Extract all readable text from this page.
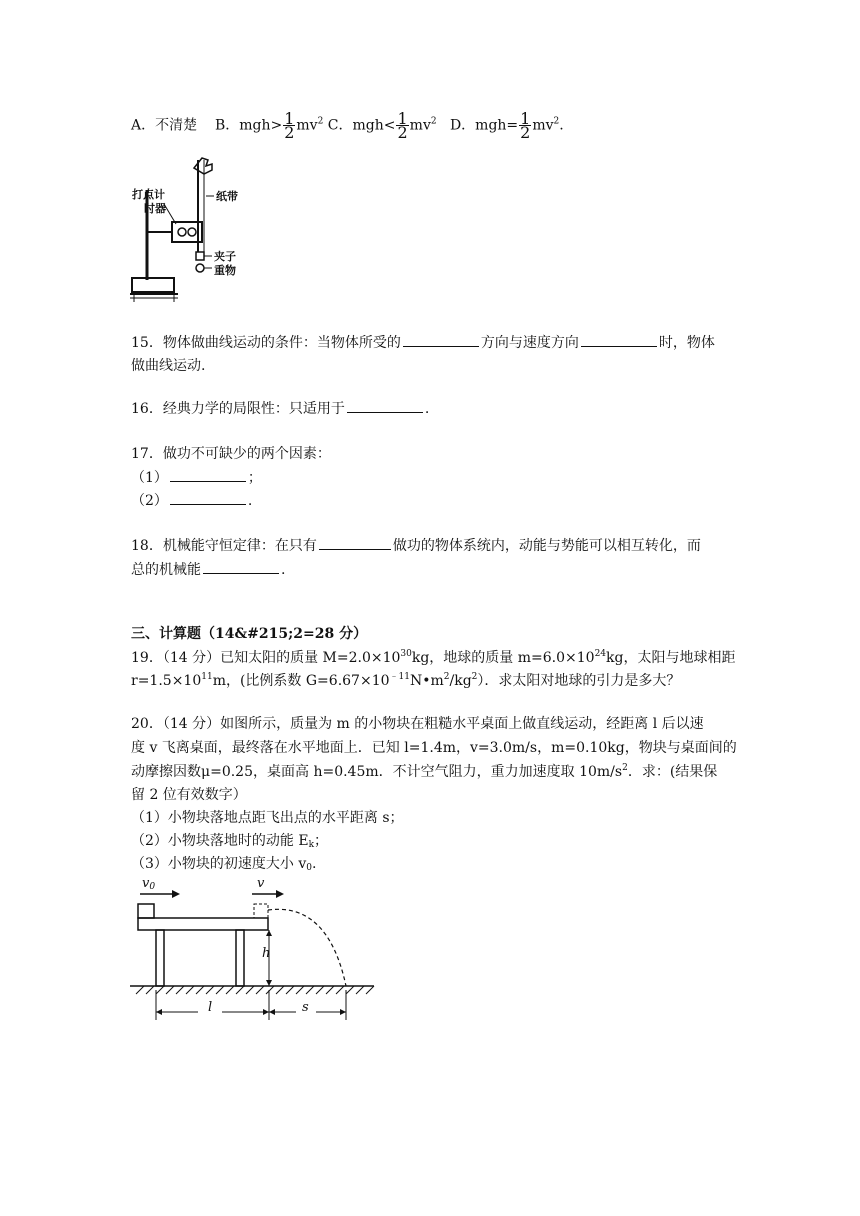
A．不清楚 B．$mgh> \frac{1}{2} mv^2$ C．$mgh< \frac{1}{2} mv^2$ D．$mgh= \frac{1}{2} mv^2$.
打点计
时器
纸带
夹子
重物
15．物体做曲线运动的条件：当物体所受的	方向与速度方向	时，物体
做曲线运动.
16．经典力学的局限性：只适用于	.
17．做功不可缺少的两个因素：
（1）	；
（2）	.
18．机械能守恒定律：在只有	做功的物体系统内，动能与势能可以相互转化，而
总的机械能	.
三、计算题（14&#215;2=28 分）
19．（14 分）已知太阳的质量 $M=2.0\times 10^{30}kg$，地球的质量 $m=6.0\times 10^{24}kg$，太阳与地球相距
$r=1.5\times 10^{11}m$，(比例系数 $G=6.67\times 10^{﹣11}N•m^2/kg^2$）．求太阳对地球的引力是多大？
20．（14 分）如图所示，质量为 m 的小物块在粗糙水平桌面上做直线运动，经距离 l 后以速
度 v 飞离桌面，最终落在水平地面上．已知 l=1.4m，v=3.0m/s，m=0.10kg，物块与桌面间的
动摩擦因数μ=0.25，桌面高 h=0.45m．不计空气阻力，重力加速度取 $10m/s^2$．求：(结果保
留 2 位有效数字）
（1）小物块落地点距飞出点的水平距离 s；
（2）小物块落地时的动能 $E_k$；
（3）小物块的初速度大小 $v_0$.
$v_0$	v
h
l	s
